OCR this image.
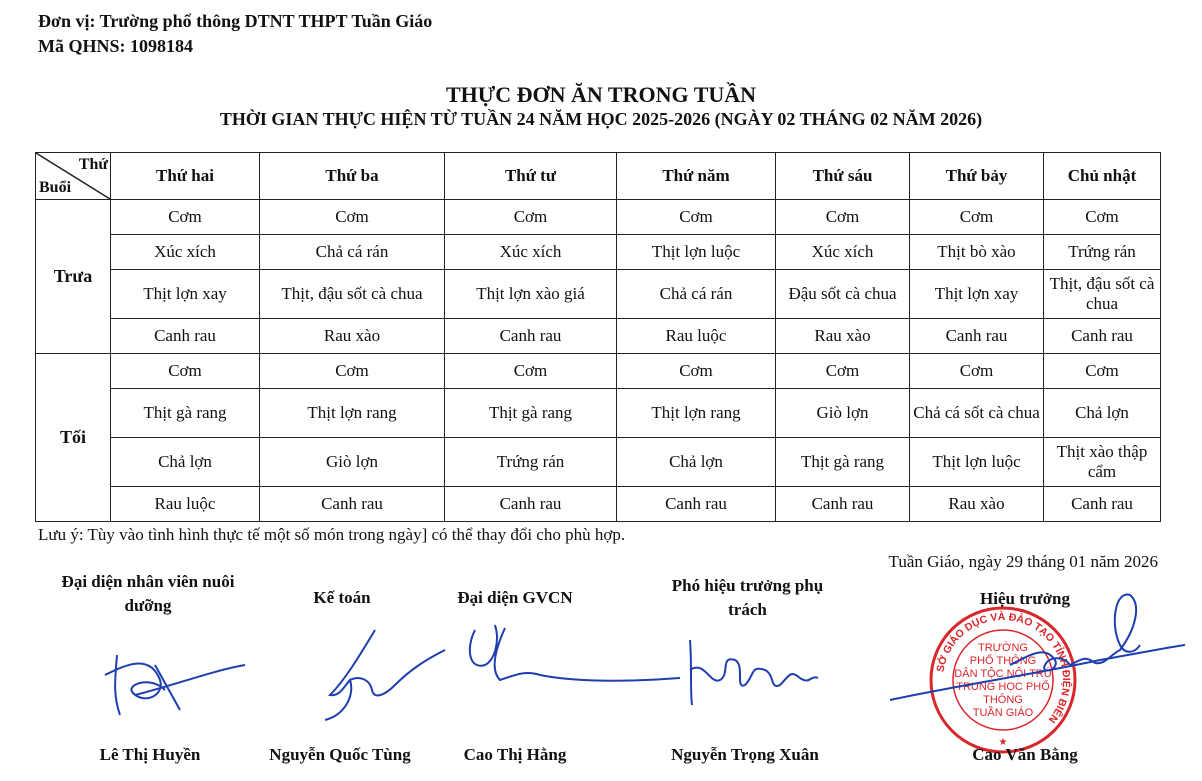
Đơn vị: Trường phổ thông DTNT THPT Tuần Giáo
Mã QHNS: 1098184
THỰC ĐƠN ĂN TRONG TUẦN
THỜI GIAN THỰC HIỆN TỪ TUẦN 24 NĂM HỌC 2025-2026 (NGÀY 02 THÁNG 02 NĂM 2026)
Thứ
Buổi	Thứ hai	Thứ ba	Thứ tư	Thứ năm	Thứ sáu	Thứ bảy	Chủ nhật
Trưa	Cơm	Cơm	Cơm	Cơm	Cơm	Cơm	Cơm
	Xúc xích	Chả cá rán	Xúc xích	Thịt lợn luộc	Xúc xích	Thịt bò xào	Trứng rán
	Thịt lợn xay	Thịt, đậu sốt cà chua	Thịt lợn xào giá	Chả cá rán	Đậu sốt cà chua	Thịt lợn xay	Thịt, đậu sốt cà chua
	Canh rau	Rau xào	Canh rau	Rau luộc	Rau xào	Canh rau	Canh rau
Tối	Cơm	Cơm	Cơm	Cơm	Cơm	Cơm	Cơm
	Thịt gà rang	Thịt lợn rang	Thịt gà rang	Thịt lợn rang	Giò lợn	Chả cá sốt cà chua	Chả lợn
	Chả lợn	Giò lợn	Trứng rán	Chả lợn	Thịt gà rang	Thịt lợn luộc	Thịt xào thập cẩm
	Rau luộc	Canh rau	Canh rau	Canh rau	Canh rau	Rau xào	Canh rau
Lưu ý: Tùy vào tình hình thực tế một số món trong ngày] có thể thay đổi cho phù hợp.
Tuần Giáo, ngày 29 tháng 01 năm 2026
Đại diện nhân viên nuôi dưỡng	Kế toán	Đại diện GVCN
Phó hiệu trưởng phụ trách
Hiệu trưởng
SỞ GIÁO DỤC VÀ ĐÀO TẠO TỈNH ĐIỆN BIÊN
★
TRƯỜNG
PHỔ THÔNG
DÂN TỘC NỘI TRÚ
TRUNG HỌC PHỔ THÔNG
TUẦN GIÁO
Lê Thị Huyền	Nguyễn Quốc Tùng	Cao Thị Hằng	Nguyễn Trọng Xuân	Cao Văn Bằng
